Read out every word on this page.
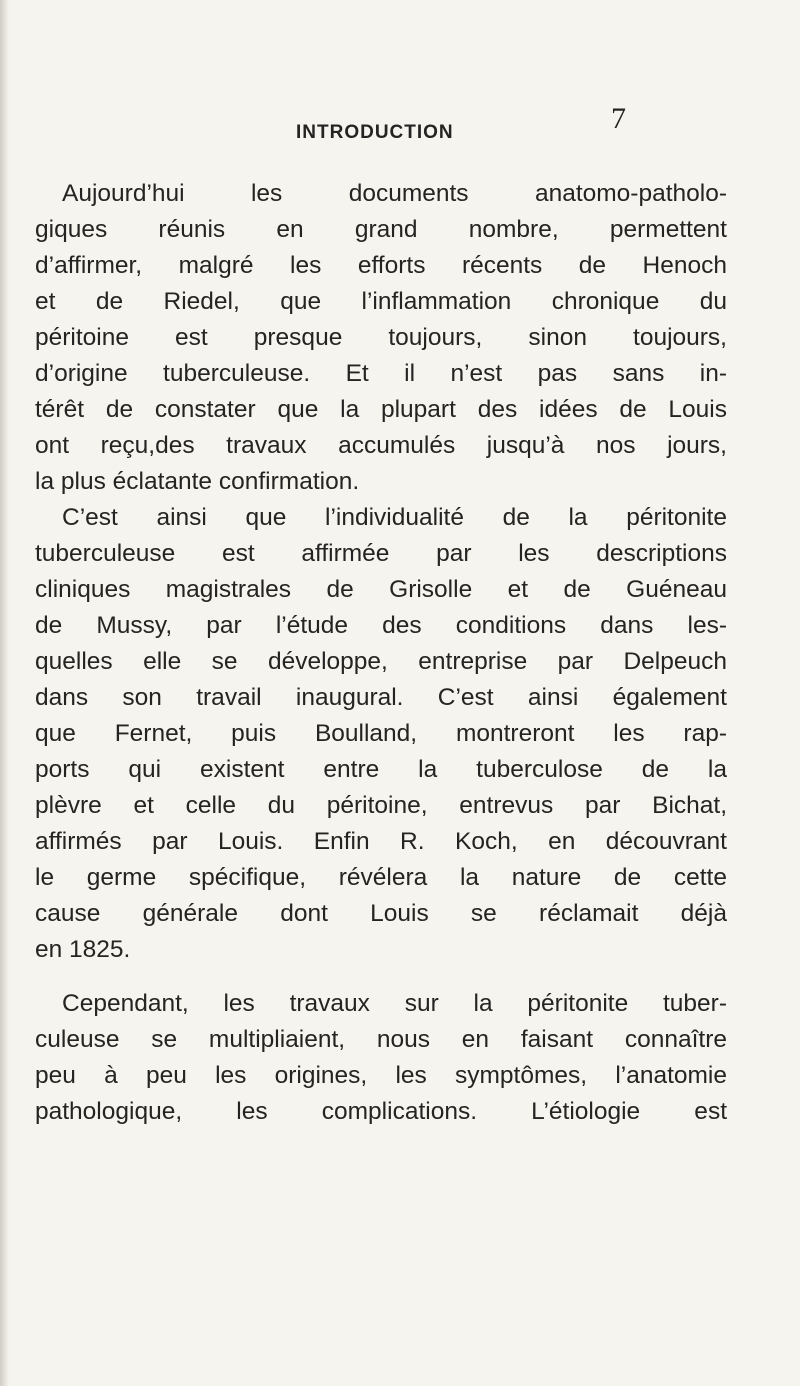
INTRODUCTION	7
Aujourd’hui les documents anatomo-patholo-
giques réunis en grand nombre, permettent
d’affirmer, malgré les efforts récents de Henoch
et de Riedel, que l’inflammation chronique du
péritoine est presque toujours, sinon toujours,
d’origine tuberculeuse. Et il n’est pas sans in-
térêt de constater que la plupart des idées de Louis
ont reçu,des travaux accumulés jusqu’à nos jours,
la plus éclatante confirmation.
C’est ainsi que l’individualité de la péritonite
tuberculeuse est affirmée par les descriptions
cliniques magistrales de Grisolle et de Guéneau
de Mussy, par l’étude des conditions dans les-
quelles elle se développe, entreprise par Delpeuch
dans son travail inaugural. C’est ainsi également
que Fernet, puis Boulland, montreront les rap-
ports qui existent entre la tuberculose de la
plèvre et celle du péritoine, entrevus par Bichat,
affirmés par Louis. Enfin R. Koch, en découvrant
le germe spécifique, révélera la nature de cette
cause générale dont Louis se réclamait déjà
en 1825.
Cependant, les travaux sur la péritonite tuber-
culeuse se multipliaient, nous en faisant connaître
peu à peu les origines, les symptômes, l’anatomie
pathologique, les complications. L’étiologie est
